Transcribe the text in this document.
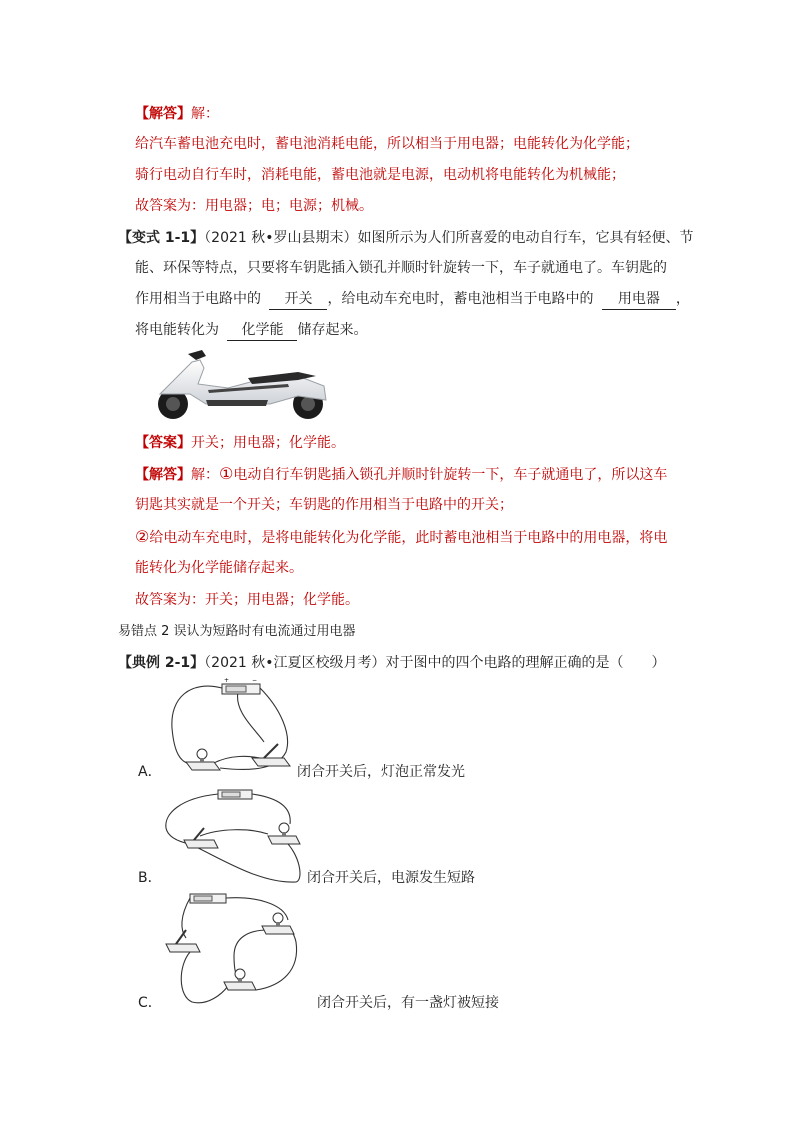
【解答】解：
给汽车蓄电池充电时，蓄电池消耗电能，所以相当于用电器；电能转化为化学能；
骑行电动自行车时，消耗电能，蓄电池就是电源，电动机将电能转化为机械能；
故答案为：用电器；电；电源；机械。
【变式 1-1】（2021 秋•罗山县期末）如图所示为人们所喜爱的电动自行车，它具有轻便、节
能、环保等特点，只要将车钥匙插入锁孔并顺时针旋转一下，车子就通电了。车钥匙的
作用相当于电路中的 开关 ，给电动车充电时，蓄电池相当于电路中的 用电器 ，
将电能转化为 化学能 储存起来。
【答案】开关；用电器；化学能。
【解答】解：①电动自行车钥匙插入锁孔并顺时针旋转一下，车子就通电了，所以这车
钥匙其实就是一个开关；车钥匙的作用相当于电路中的开关；
②给电动车充电时，是将电能转化为化学能，此时蓄电池相当于电路中的用电器，将电
能转化为化学能储存起来。
故答案为：开关；用电器；化学能。
易错点 2 误认为短路时有电流通过用电器
【典例 2-1】（2021 秋•江夏区校级月考）对于图中的四个电路的理解正确的是（　　）
+	−
A．	闭合开关后，灯泡正常发光
B．	闭合开关后，电源发生短路
C．	闭合开关后，有一盏灯被短接
